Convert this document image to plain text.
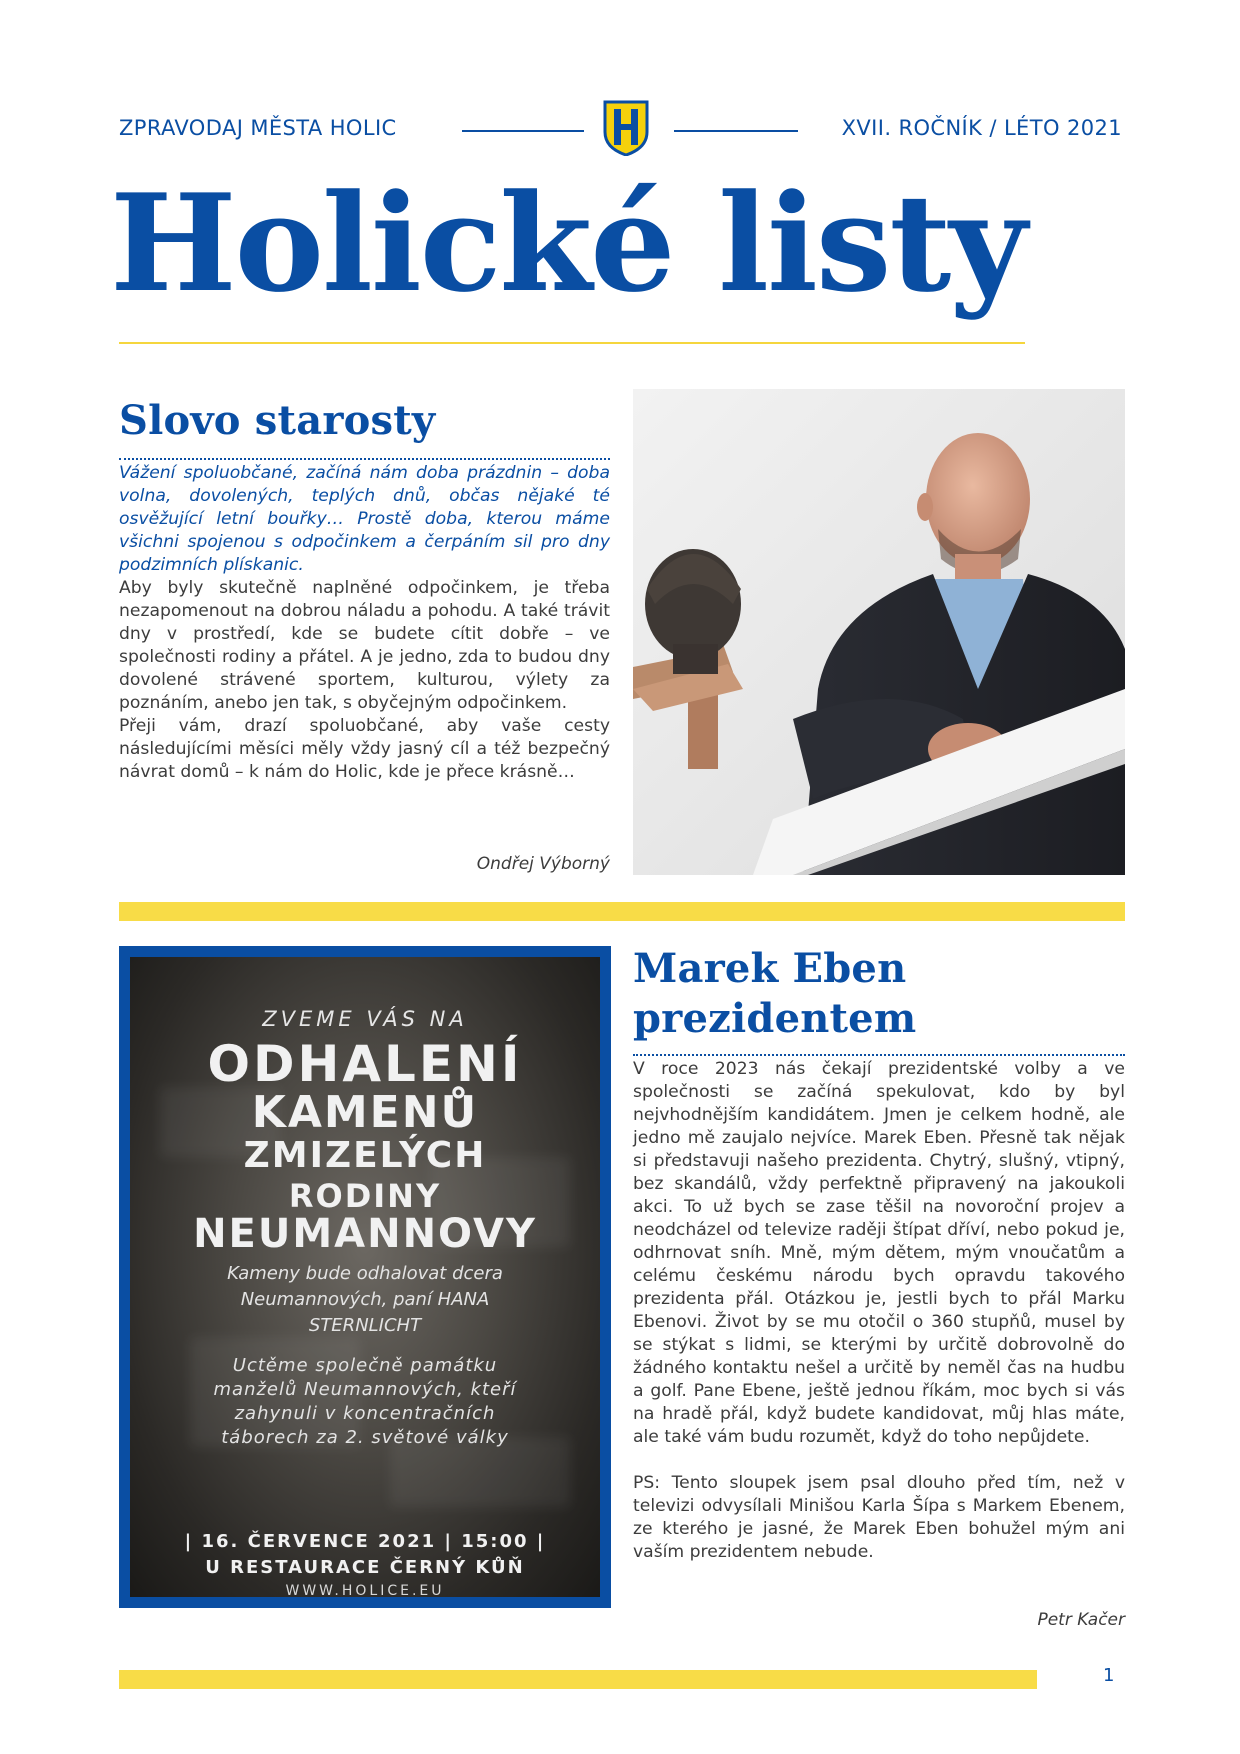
ZPRAVODAJ MĚSTA HOLIC	XVII. ROČNÍK / LÉTO 2021
Holické listy
Slovo starosty

Vážení spoluobčané, začíná nám doba prázdnin – doba volna, dovolených, teplých dnů, občas nějaké té osvěžující letní bouřky… Prostě doba, kterou máme všichni spojenou s odpočinkem a čerpáním sil pro dny podzimních plískanic.

Aby byly skutečně naplněné odpočinkem, je třeba nezapomenout na dobrou náladu a pohodu. A také trávit dny v prostředí, kde se budete cítit dobře – ve společnosti rodiny a přátel. A je jedno, zda to budou dny dovolené strávené sportem, kulturou, výlety za poznáním, anebo jen tak, s obyčejným odpočinkem.

Přeji vám, drazí spoluobčané, aby vaše cesty následujícími měsíci měly vždy jasný cíl a též bezpečný návrat domů – k nám do Holic, kde je přece krásně…

Ondřej Výborný
ZVEME VÁS NA
ODHALENÍ
KAMENŮ
ZMIZELÝCH
RODINY
NEUMANNOVY
Kameny bude odhalovat dcera
Neumannových, paní HANA
STERNLICHT
Uctěme společně památku
manželů Neumannových, kteří
zahynuli v koncentračních
táborech za 2. světové války
| 16. ČERVENCE 2021 | 15:00 |
U RESTAURACE ČERNÝ KŮŇ
WWW.HOLICE.EU
Marek Eben prezidentem

V roce 2023 nás čekají prezidentské volby a ve společnosti se začíná spekulovat, kdo by byl nejvhodnějším kandidátem. Jmen je celkem hodně, ale jedno mě zaujalo nejvíce. Marek Eben. Přesně tak nějak si představuji našeho prezidenta. Chytrý, slušný, vtipný, bez skandálů, vždy perfektně připravený na jakoukoli akci. To už bych se zase těšil na novoroční projev a neodcházel od televize raději štípat dříví, nebo pokud je, odhrnovat sníh. Mně, mým dětem, mým vnoučatům a celému českému národu bych opravdu takového prezidenta přál. Otázkou je, jestli bych to přál Marku Ebenovi. Život by se mu otočil o 360 stupňů, musel by se stýkat s lidmi, se kterými by určitě dobrovolně do žádného kontaktu nešel a určitě by neměl čas na hudbu a golf. Pane Ebene, ještě jednou říkám, moc bych si vás na hradě přál, když budete kandidovat, můj hlas máte, ale také vám budu rozumět, když do toho nepůjdete.

PS: Tento sloupek jsem psal dlouho před tím, než v televizi odvysílali Minišou Karla Šípa s Markem Ebenem, ze kterého je jasné, že Marek Eben bohužel mým ani vaším prezidentem nebude.

Petr Kačer
1
